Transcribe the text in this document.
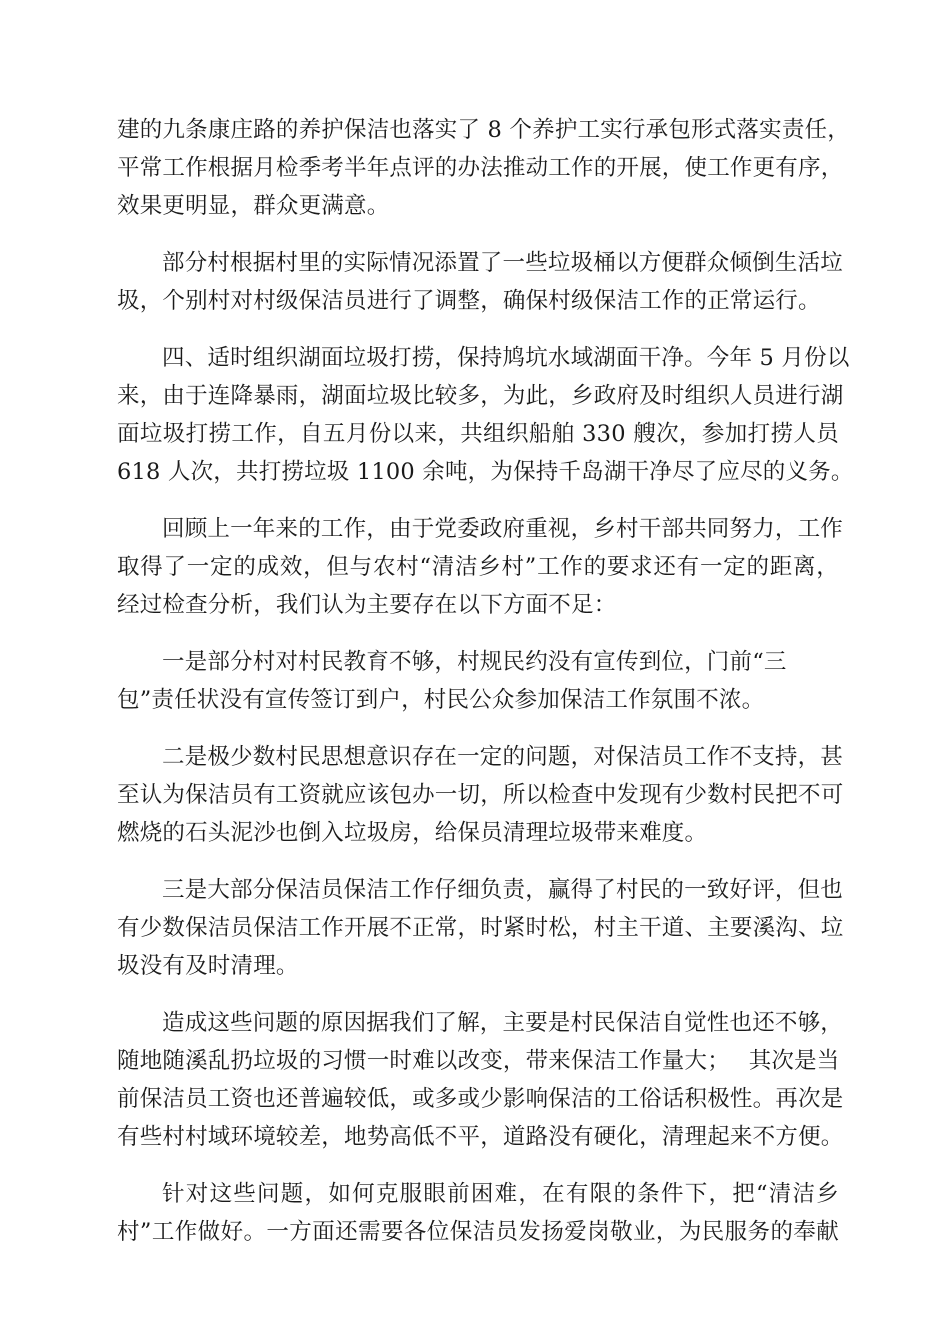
建的九条康庄路的养护保洁也落实了 8 个养护工实行承包形式落实责任，
平常工作根据月检季考半年点评的办法推动工作的开展，使工作更有序，
效果更明显，群众更满意。

部分村根据村里的实际情况添置了一些垃圾桶以方便群众倾倒生活垃
圾，个别村对村级保洁员进行了调整，确保村级保洁工作的正常运行。

四、适时组织湖面垃圾打捞，保持鸠坑水域湖面干净。今年 5 月份以
来，由于连降暴雨，湖面垃圾比较多，为此，乡政府及时组织人员进行湖
面垃圾打捞工作，自五月份以来，共组织船舶 330 艘次，参加打捞人员
618 人次，共打捞垃圾 1100 余吨，为保持千岛湖干净尽了应尽的义务。

回顾上一年来的工作，由于党委政府重视，乡村干部共同努力，工作
取得了一定的成效，但与农村“清洁乡村”工作的要求还有一定的距离，
经过检查分析，我们认为主要存在以下方面不足：

一是部分村对村民教育不够，村规民约没有宣传到位，门前“三
包”责任状没有宣传签订到户，村民公众参加保洁工作氛围不浓。

二是极少数村民思想意识存在一定的问题，对保洁员工作不支持，甚
至认为保洁员有工资就应该包办一切，所以检查中发现有少数村民把不可
燃烧的石头泥沙也倒入垃圾房，给保员清理垃圾带来难度。

三是大部分保洁员保洁工作仔细负责，赢得了村民的一致好评，但也
有少数保洁员保洁工作开展不正常，时紧时松，村主干道、主要溪沟、垃
圾没有及时清理。

造成这些问题的原因据我们了解，主要是村民保洁自觉性也还不够，
随地随溪乱扔垃圾的习惯一时难以改变，带来保洁工作量大；　 其次是当
前保洁员工资也还普遍较低，或多或少影响保洁的工俗话积极性。再次是
有些村村域环境较差，地势高低不平，道路没有硬化，清理起来不方便。

针对这些问题，如何克服眼前困难，在有限的条件下，把“清洁乡
村”工作做好。一方面还需要各位保洁员发扬爱岗敬业，为民服务的奉献
